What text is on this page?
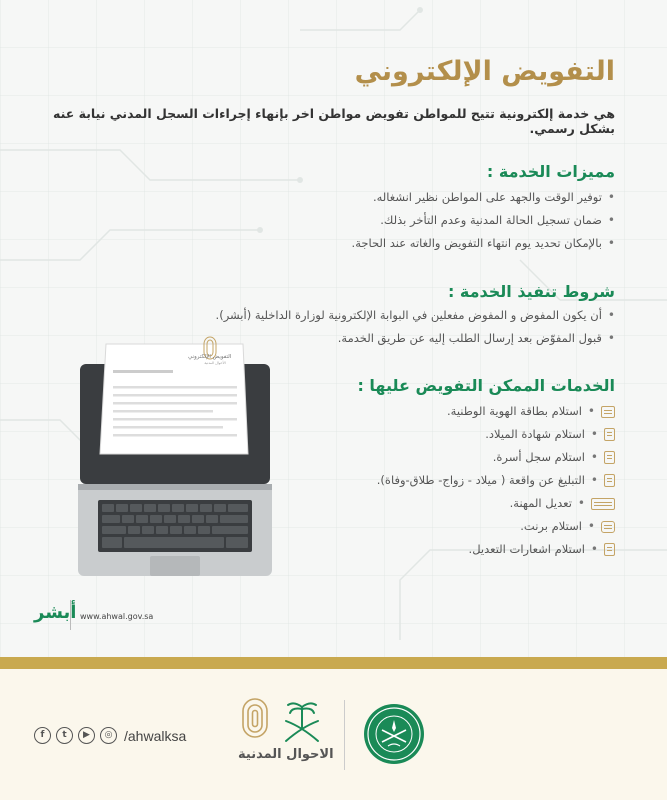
التفويض الإلكتروني

هي خدمة إلكترونية تتيح للمواطن تفويض مواطن اخر بإنهاء إجراءات السجل المدني نيابة عنه بشكل رسمي.

مميزات الخدمة :
•
توفير الوقت والجهد على المواطن نظير انشغاله.
•
ضمان تسجيل الحالة المدنية وعدم التأخر بذلك.
•
بالإمكان تحديد يوم انتهاء التفويض والغاته عند الحاجة.
شروط تنفيذ الخدمة :
•
أن يكون المفوض و المفوض مفعلين في البوابة الإلكترونية لوزارة الداخلية (أبشر).
•
قبول المفوّض بعد إرسال الطلب إليه عن طريق الخدمة.
الخدمات الممكن التفويض عليها :
•
استلام بطاقة الهوية الوطنية.
•
استلام شهادة الميلاد.
•
استلام سجل أسرة.
•
التبليغ عن واقعة ( ميلاد - زواج- طلاق-وفاة).
•
تعديل المهنة.
•
استلام برنت.
•
استلام اشعارات التعديل.
التفويض الإلكتروني
الأحوال المدنية
أبشر www.ahwal.gov.sa
الاحوال المدنية
f	t	▶	◎ /ahwalksa
